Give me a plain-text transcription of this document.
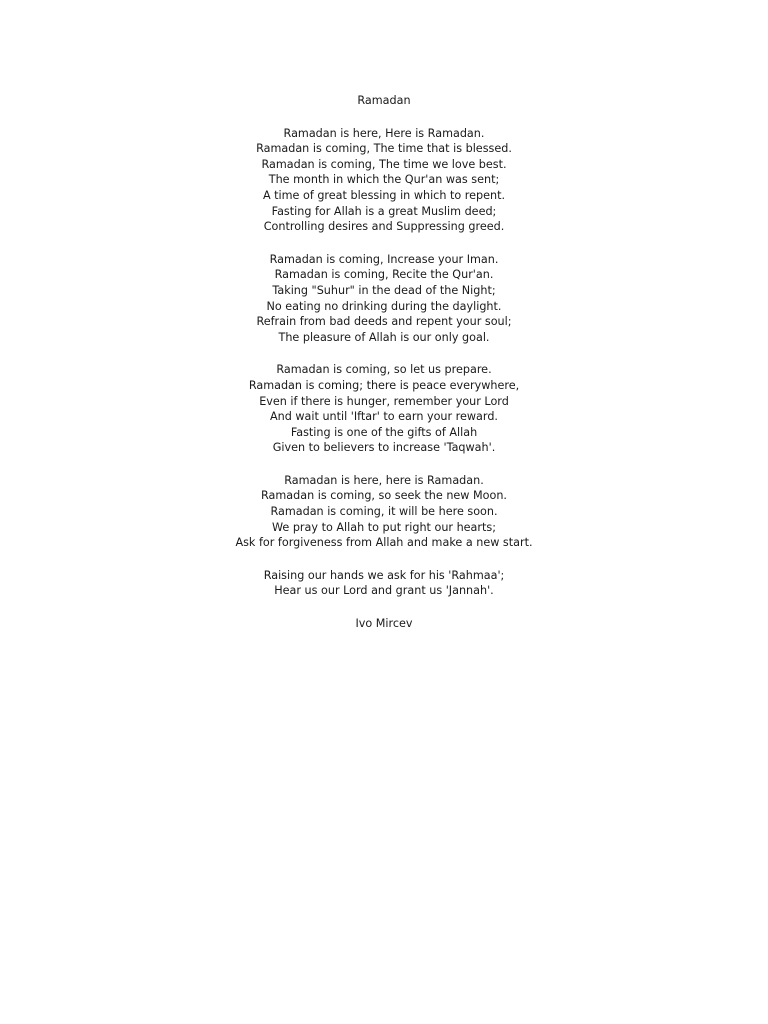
Ramadan
Ramadan is here, Here is Ramadan.
Ramadan is coming, The time that is blessed.
Ramadan is coming, The time we love best.
The month in which the Qur'an was sent;
A time of great blessing in which to repent.
Fasting for Allah is a great Muslim deed;
Controlling desires and Suppressing greed.
Ramadan is coming, Increase your Iman.
Ramadan is coming, Recite the Qur'an.
Taking "Suhur" in the dead of the Night;
No eating no drinking during the daylight.
Refrain from bad deeds and repent your soul;
The pleasure of Allah is our only goal.
Ramadan is coming, so let us prepare.
Ramadan is coming; there is peace everywhere,
Even if there is hunger, remember your Lord
And wait until 'Iftar' to earn your reward.
Fasting is one of the gifts of Allah
Given to believers to increase 'Taqwah'.
Ramadan is here, here is Ramadan.
Ramadan is coming, so seek the new Moon.
Ramadan is coming, it will be here soon.
We pray to Allah to put right our hearts;
Ask for forgiveness from Allah and make a new start.
Raising our hands we ask for his 'Rahmaa';
Hear us our Lord and grant us 'Jannah'.
Ivo Mircev
